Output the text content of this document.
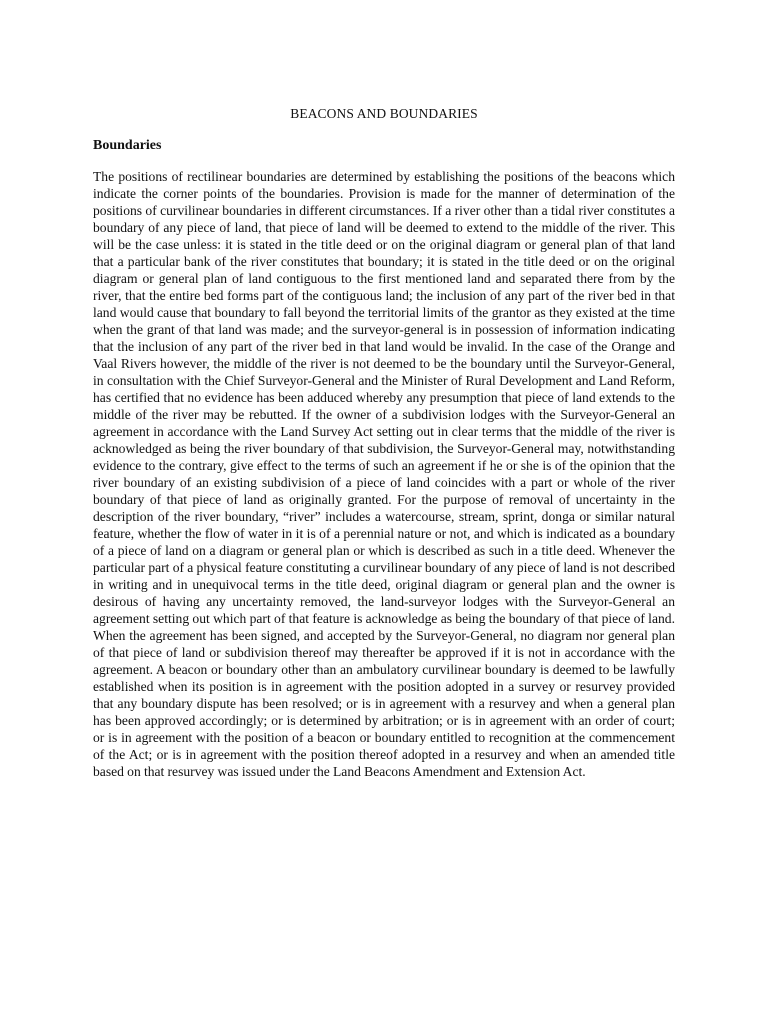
BEACONS AND BOUNDARIES
Boundaries

The positions of rectilinear boundaries are determined by establishing the positions of the beacons which indicate the corner points of the boundaries. Provision is made for the manner of determination of the positions of curvilinear boundaries in different circumstances. If a river other than a tidal river constitutes a boundary of any piece of land, that piece of land will be deemed to extend to the middle of the river. This will be the case unless: it is stated in the title deed or on the original diagram or general plan of that land that a particular bank of the river constitutes that boundary; it is stated in the title deed or on the original diagram or general plan of land contiguous to the first mentioned land and separated there from by the river, that the entire bed forms part of the contiguous land; the inclusion of any part of the river bed in that land would cause that boundary to fall beyond the territorial limits of the grantor as they existed at the time when the grant of that land was made; and the surveyor-general is in possession of information indicating that the inclusion of any part of the river bed in that land would be invalid. In the case of the Orange and Vaal Rivers however, the middle of the river is not deemed to be the boundary until the Surveyor-General, in consultation with the Chief Surveyor-General and the Minister of Rural Development and Land Reform, has certified that no evidence has been adduced whereby any presumption that piece of land extends to the middle of the river may be rebutted. If the owner of a subdivision lodges with the Surveyor-General an agreement in accordance with the Land Survey Act setting out in clear terms that the middle of the river is acknowledged as being the river boundary of that subdivision, the Surveyor-General may, notwithstanding evidence to the contrary, give effect to the terms of such an agreement if he or she is of the opinion that the river boundary of an existing subdivision of a piece of land coincides with a part or whole of the river boundary of that piece of land as originally granted. For the purpose of removal of uncertainty in the description of the river boundary, “river” includes a watercourse, stream, sprint, donga or similar natural feature, whether the flow of water in it is of a perennial nature or not, and which is indicated as a boundary of a piece of land on a diagram or general plan or which is described as such in a title deed. Whenever the particular part of a physical feature constituting a curvilinear boundary of any piece of land is not described in writing and in unequivocal terms in the title deed, original diagram or general plan and the owner is desirous of having any uncertainty removed, the land-surveyor lodges with the Surveyor-General an agreement setting out which part of that feature is acknowledge as being the boundary of that piece of land. When the agreement has been signed, and accepted by the Surveyor-General, no diagram nor general plan of that piece of land or subdivision thereof may thereafter be approved if it is not in accordance with the agreement. A beacon or boundary other than an ambulatory curvilinear boundary is deemed to be lawfully established when its position is in agreement with the position adopted in a survey or resurvey provided that any boundary dispute has been resolved; or is in agreement with a resurvey and when a general plan has been approved accordingly; or is determined by arbitration; or is in agreement with an order of court; or is in agreement with the position of a beacon or boundary entitled to recognition at the commencement of the Act; or is in agreement with the position thereof adopted in a resurvey and when an amended title based on that resurvey was issued under the Land Beacons Amendment and Extension Act.
